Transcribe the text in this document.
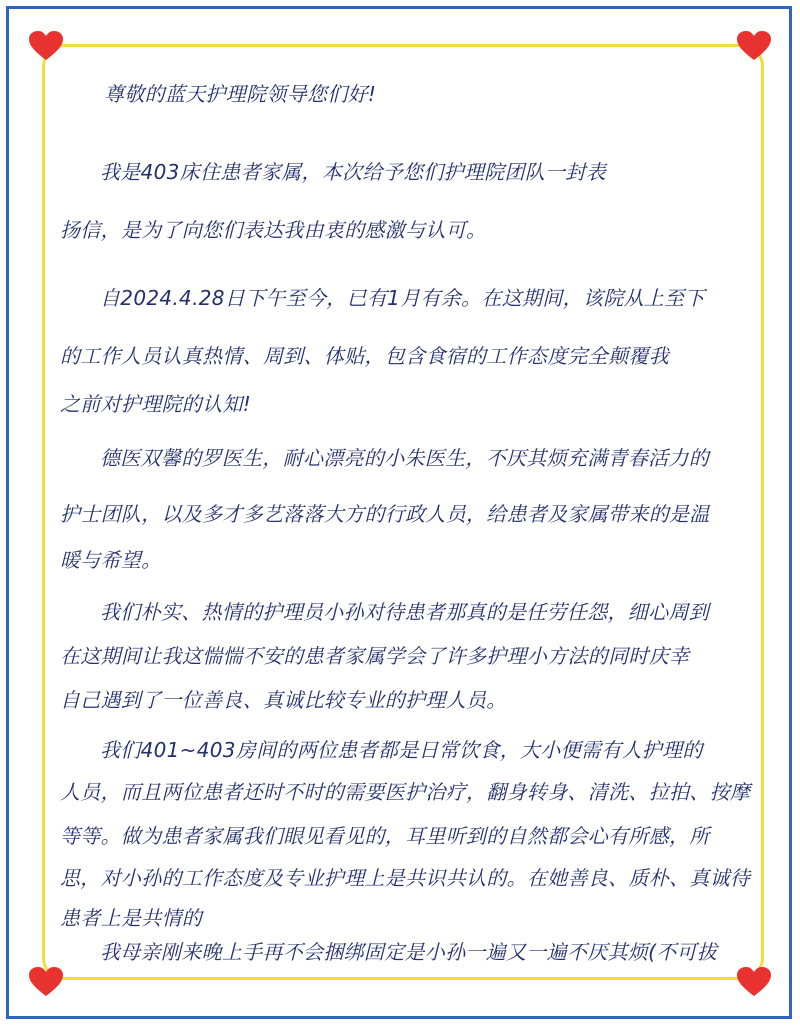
尊敬的蓝天护理院领导您们好!
我是403床住患者家属，本次给予您们护理院团队一封表
扬信，是为了向您们表达我由衷的感激与认可。
自2024.4.28日下午至今，已有1月有余。在这期间，该院从上至下
的工作人员认真热情、周到、体贴，包含食宿的工作态度完全颠覆我
之前对护理院的认知!
德医双馨的罗医生，耐心漂亮的小朱医生，不厌其烦充满青春活力的
护士团队，以及多才多艺落落大方的行政人员，给患者及家属带来的是温
暖与希望。
我们朴实、热情的护理员小孙对待患者那真的是任劳任怨，细心周到
在这期间让我这惴惴不安的患者家属学会了许多护理小方法的同时庆幸
自己遇到了一位善良、真诚比较专业的护理人员。
我们401~403房间的两位患者都是日常饮食，大小便需有人护理的
人员，而且两位患者还时不时的需要医护治疗，翻身转身、清洗、拉拍、按摩
等等。做为患者家属我们眼见看见的，耳里听到的自然都会心有所感，所
思，对小孙的工作态度及专业护理上是共识共认的。在她善良、质朴、真诚待
患者上是共情的
我母亲刚来晚上手再不会捆绑固定是小孙一遍又一遍不厌其烦(不可拔
